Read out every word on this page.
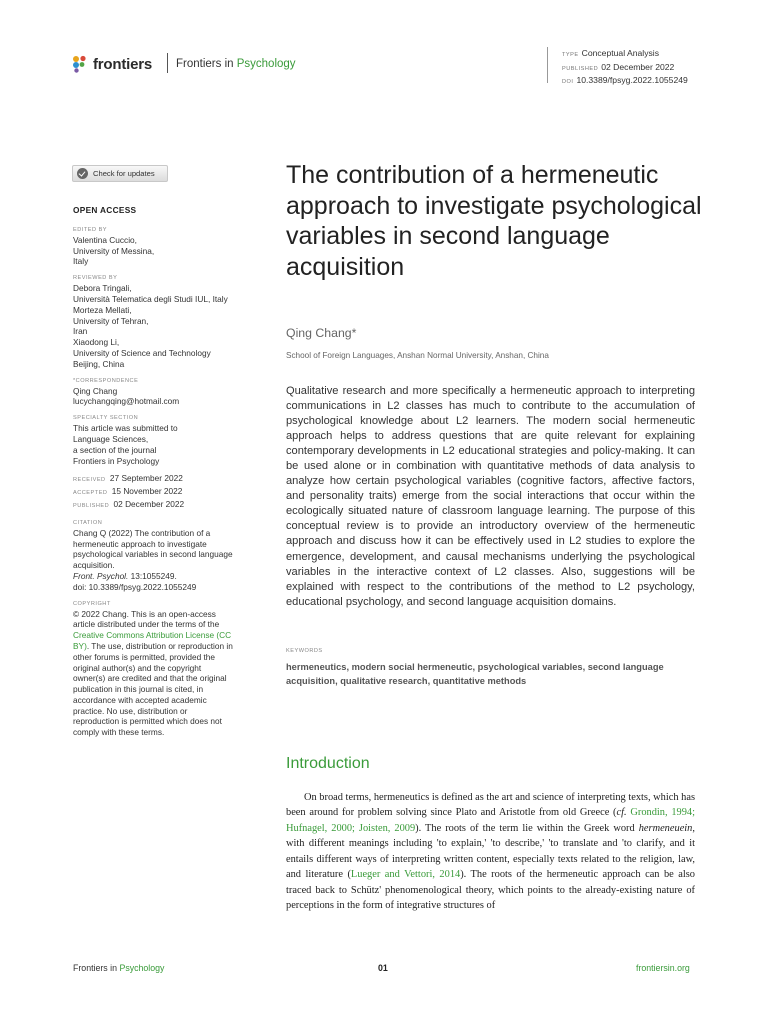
frontiers Frontiers in Psychology
TYPE Conceptual Analysis
PUBLISHED 02 December 2022
DOI 10.3389/fpsyg.2022.1055249
Check for updates
OPEN ACCESS
EDITED BY
Valentina Cuccio,
University of Messina,
Italy
REVIEWED BY
Debora Tringali,
Università Telematica degli Studi IUL, Italy
Morteza Mellati,
University of Tehran,
Iran
Xiaodong Li,
University of Science and Technology
Beijing, China
*CORRESPONDENCE
Qing Chang
lucychangqing@hotmail.com
SPECIALTY SECTION
This article was submitted to
Language Sciences,
a section of the journal
Frontiers in Psychology
RECEIVED 27 September 2022
ACCEPTED 15 November 2022
PUBLISHED 02 December 2022
CITATION
Chang Q (2022) The contribution of a
hermeneutic approach to investigate
psychological variables in second language
acquisition.
Front. Psychol. 13:1055249.
doi: 10.3389/fpsyg.2022.1055249
COPYRIGHT
© 2022 Chang. This is an open-access
article distributed under the terms of the
Creative Commons Attribution License (CC
BY). The use, distribution or reproduction in
other forums is permitted, provided the
original author(s) and the copyright
owner(s) are credited and that the original
publication in this journal is cited, in
accordance with accepted academic
practice. No use, distribution or
reproduction is permitted which does not
comply with these terms.
The contribution of a hermeneutic approach to investigate psychological variables in second language acquisition
Qing Chang*
School of Foreign Languages, Anshan Normal University, Anshan, China
Qualitative research and more specifically a hermeneutic approach to interpreting communications in L2 classes has much to contribute to the accumulation of psychological knowledge about L2 learners. The modern social hermeneutic approach helps to address questions that are quite relevant for explaining contemporary developments in L2 educational strategies and policy-making. It can be used alone or in combination with quantitative methods of data analysis to analyze how certain psychological variables (cognitive factors, affective factors, and personality traits) emerge from the social interactions that occur within the ecologically situated nature of classroom language learning. The purpose of this conceptual review is to provide an introductory overview of the hermeneutic approach and discuss how it can be effectively used in L2 studies to explore the emergence, development, and causal mechanisms underlying the psychological variables in the interactive context of L2 classes. Also, suggestions will be explained with respect to the contributions of the method to L2 psychology, educational psychology, and second language acquisition domains.
KEYWORDS
hermeneutics, modern social hermeneutic, psychological variables, second language acquisition, qualitative research, quantitative methods
Introduction
On broad terms, hermeneutics is defined as the art and science of interpreting texts, which has been around for problem solving since Plato and Aristotle from old Greece (cf. Grondin, 1994; Hufnagel, 2000; Joisten, 2009). The roots of the term lie within the Greek word hermeneuein, with different meanings including 'to explain,' 'to describe,' 'to translate and 'to clarify, and it entails different ways of interpreting written content, especially texts related to the religion, law, and literature (Lueger and Vettori, 2014). The roots of the hermeneutic approach can be also traced back to Schütz' phenomenological theory, which points to the already-existing nature of perceptions in the form of integrative structures of
Frontiers in Psychology	01	frontiersin.org
